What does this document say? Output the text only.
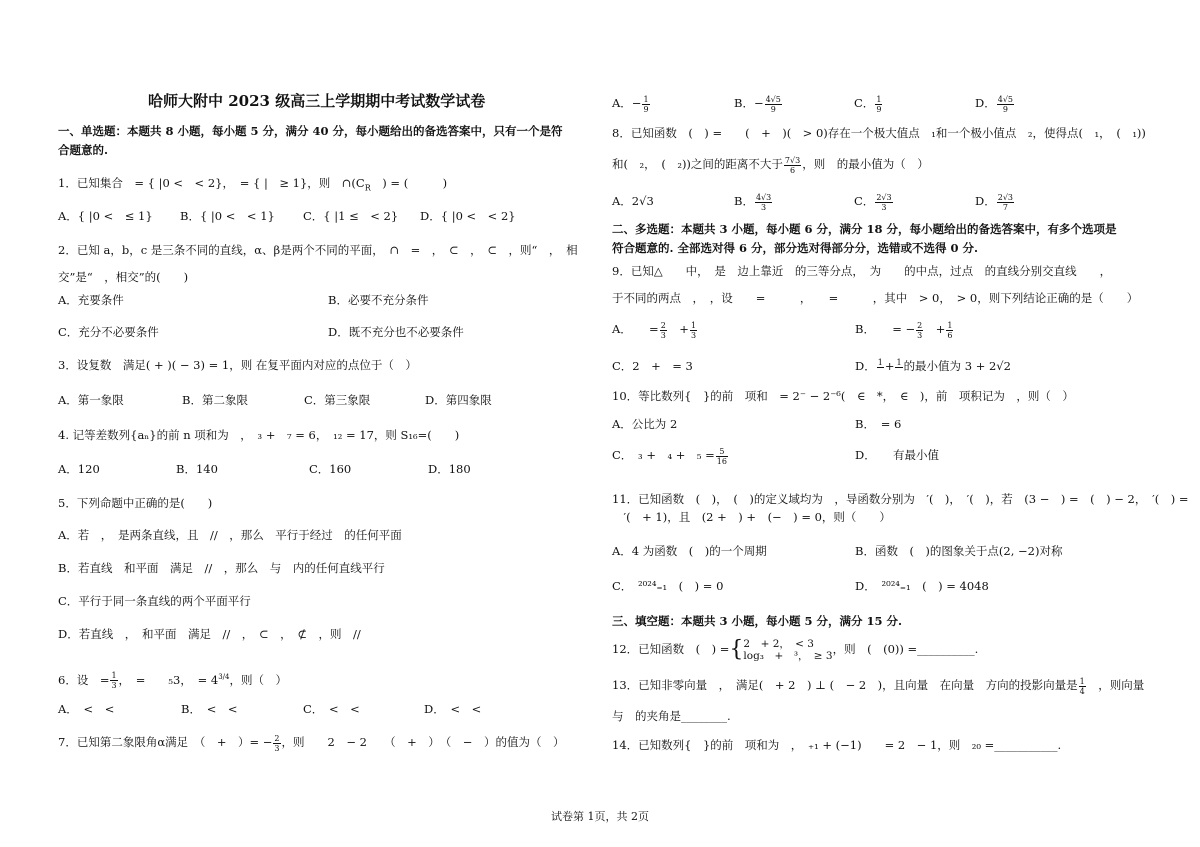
哈师大附中 2023 级高三上学期期中考试数学试卷
一、单选题：本题共 8 小题，每小题 5 分，满分 40 分，每小题给出的备选答案中，只有一个是符
合题意的.
1．已知集合　= { |0 <　< 2}，　= { |　≥ 1}，则　$\cap(C_R$　) = (　　　)
A．{ |0 <　≤ 1} B．{ |0 <　< 1} C．{ |1 ≤　< 2} D．{ |0 <　< 2}
2．已知 a，b，c 是三条不同的直线，α、β是两个不同的平面，　∩　=　，　⊂　，　⊂　，则“　，　相
交”是“　，相交”的(　　)
A．充要条件	B．必要不充分条件
C．充分不必要条件	D．既不充分也不必要条件
3．设复数　满足( + )( − 3) = 1，则 在复平面内对应的点位于（　）
A．第一象限	B．第二象限	C．第三象限	D．第四象限
4. 记等差数列{aₙ}的前 n 项和为　，　₃ +　₇ = 6，　₁₂ = 17，则 S₁₆=(　　)
A．120	B．140	C．160	D．180
5．下列命题中正确的是(　　)
A．若　，　是两条直线，且　//　，那么　平行于经过　的任何平面
B．若直线　和平面　满足　//　，那么　与　内的任何直线平行
C．平行于同一条直线的两个平面平行
D．若直线　，　和平面　满足　//　，　⊂　，　⊄　，则　//
6．设　= $\frac{1}{3}$ ，　=　　₅3，　= $4^{3/4}$，则（　）
A．　<　<	B．　<　<	C．　<　<	D．　<　<
7．已知第二象限角α满足　（　+　）= − $\frac{2}{3}$ ，则　　2　− 2　　（　+　）　（　−　）的值为（　）
A．− $\frac{1}{9}$	B．− $\frac{4√5}{9}$	C． $\frac{1}{9}$	D． $\frac{4√5}{9}$
8．已知函数　(　) =　　(　+　)(　> 0)存在一个极大值点　₁和一个极小值点　₂，使得点(　₁，　(　₁))
和(　₂，　(　₂))之间的距离不大于 $\frac{7√3}{6}$ ，则　的最小值为（　）
A．2√3	B． $\frac{4√3}{3}$	C． $\frac{2√3}{3}$	D． $\frac{2√3}{7}$
二、多选题：本题共 3 小题，每小题 6 分，满分 18 分，每小题给出的备选答案中，有多个选项是
符合题意的. 全部选对得 6 分，部分选对得部分分，选错或不选得 0 分.
9．已知△　　中，　是　边上靠近　的三等分点，　为　　的中点，过点　的直线分别交直线　　，
于不同的两点　，　，设　　=　　　，　　=　　　，其中　> 0，　> 0，则下列结论正确的是（　　）
A．　　= $\frac{2}{3}$ 　+ $\frac{1}{3}$	B．　　= − $\frac{2}{3}$ 　+ $\frac{1}{6}$
C．2　+　= 3	D． 1
+ 1
的最小值为 3 + 2√2
10．等比数列{　}的前　项和　= 2⁻ − 2⁻⁶(　∈　*，　∈　)，前　项积记为　，则（　）
A．公比为 2	B．　= 6
C．　₃ +　₄ +　$_5 = \frac{5}{16}$	D．　　有最小值
11．已知函数　(　)，　(　)的定义域均为　，导函数分别为　′(　)，　′(　)，若　(3 −　) =　(　) − 2，　′(　) =
　′(　+ 1)，且　(2 +　) +　(−　) = 0，则（　　）
A．4 为函数　(　)的一个周期	B．函数　(　)的图象关于点(2, −2)对称
C．　²⁰²⁴₌₁　(　) = 0	D．　²⁰²⁴₌₁　(　) = 4048
三、填空题：本题共 3 小题，每小题 5 分，满分 15 分.
12．已知函数　(　) ={ 2　+ 2，　< 3
log₃　+　³，　≥ 3 ，则　(　(0)) =__________.
13．已知非零向量　，　满足(　+ 2　) ⊥ (　− 2　)，且向量　在向量　方向的投影向量是 $\frac{1}{4}$ 　，则向量
与　的夹角是________.
14．已知数列{　}的前　项和为　，　₊₁ + (−1)　　= 2　− 1，则　₂₀ =___________.
试卷第 1页，共 2页
